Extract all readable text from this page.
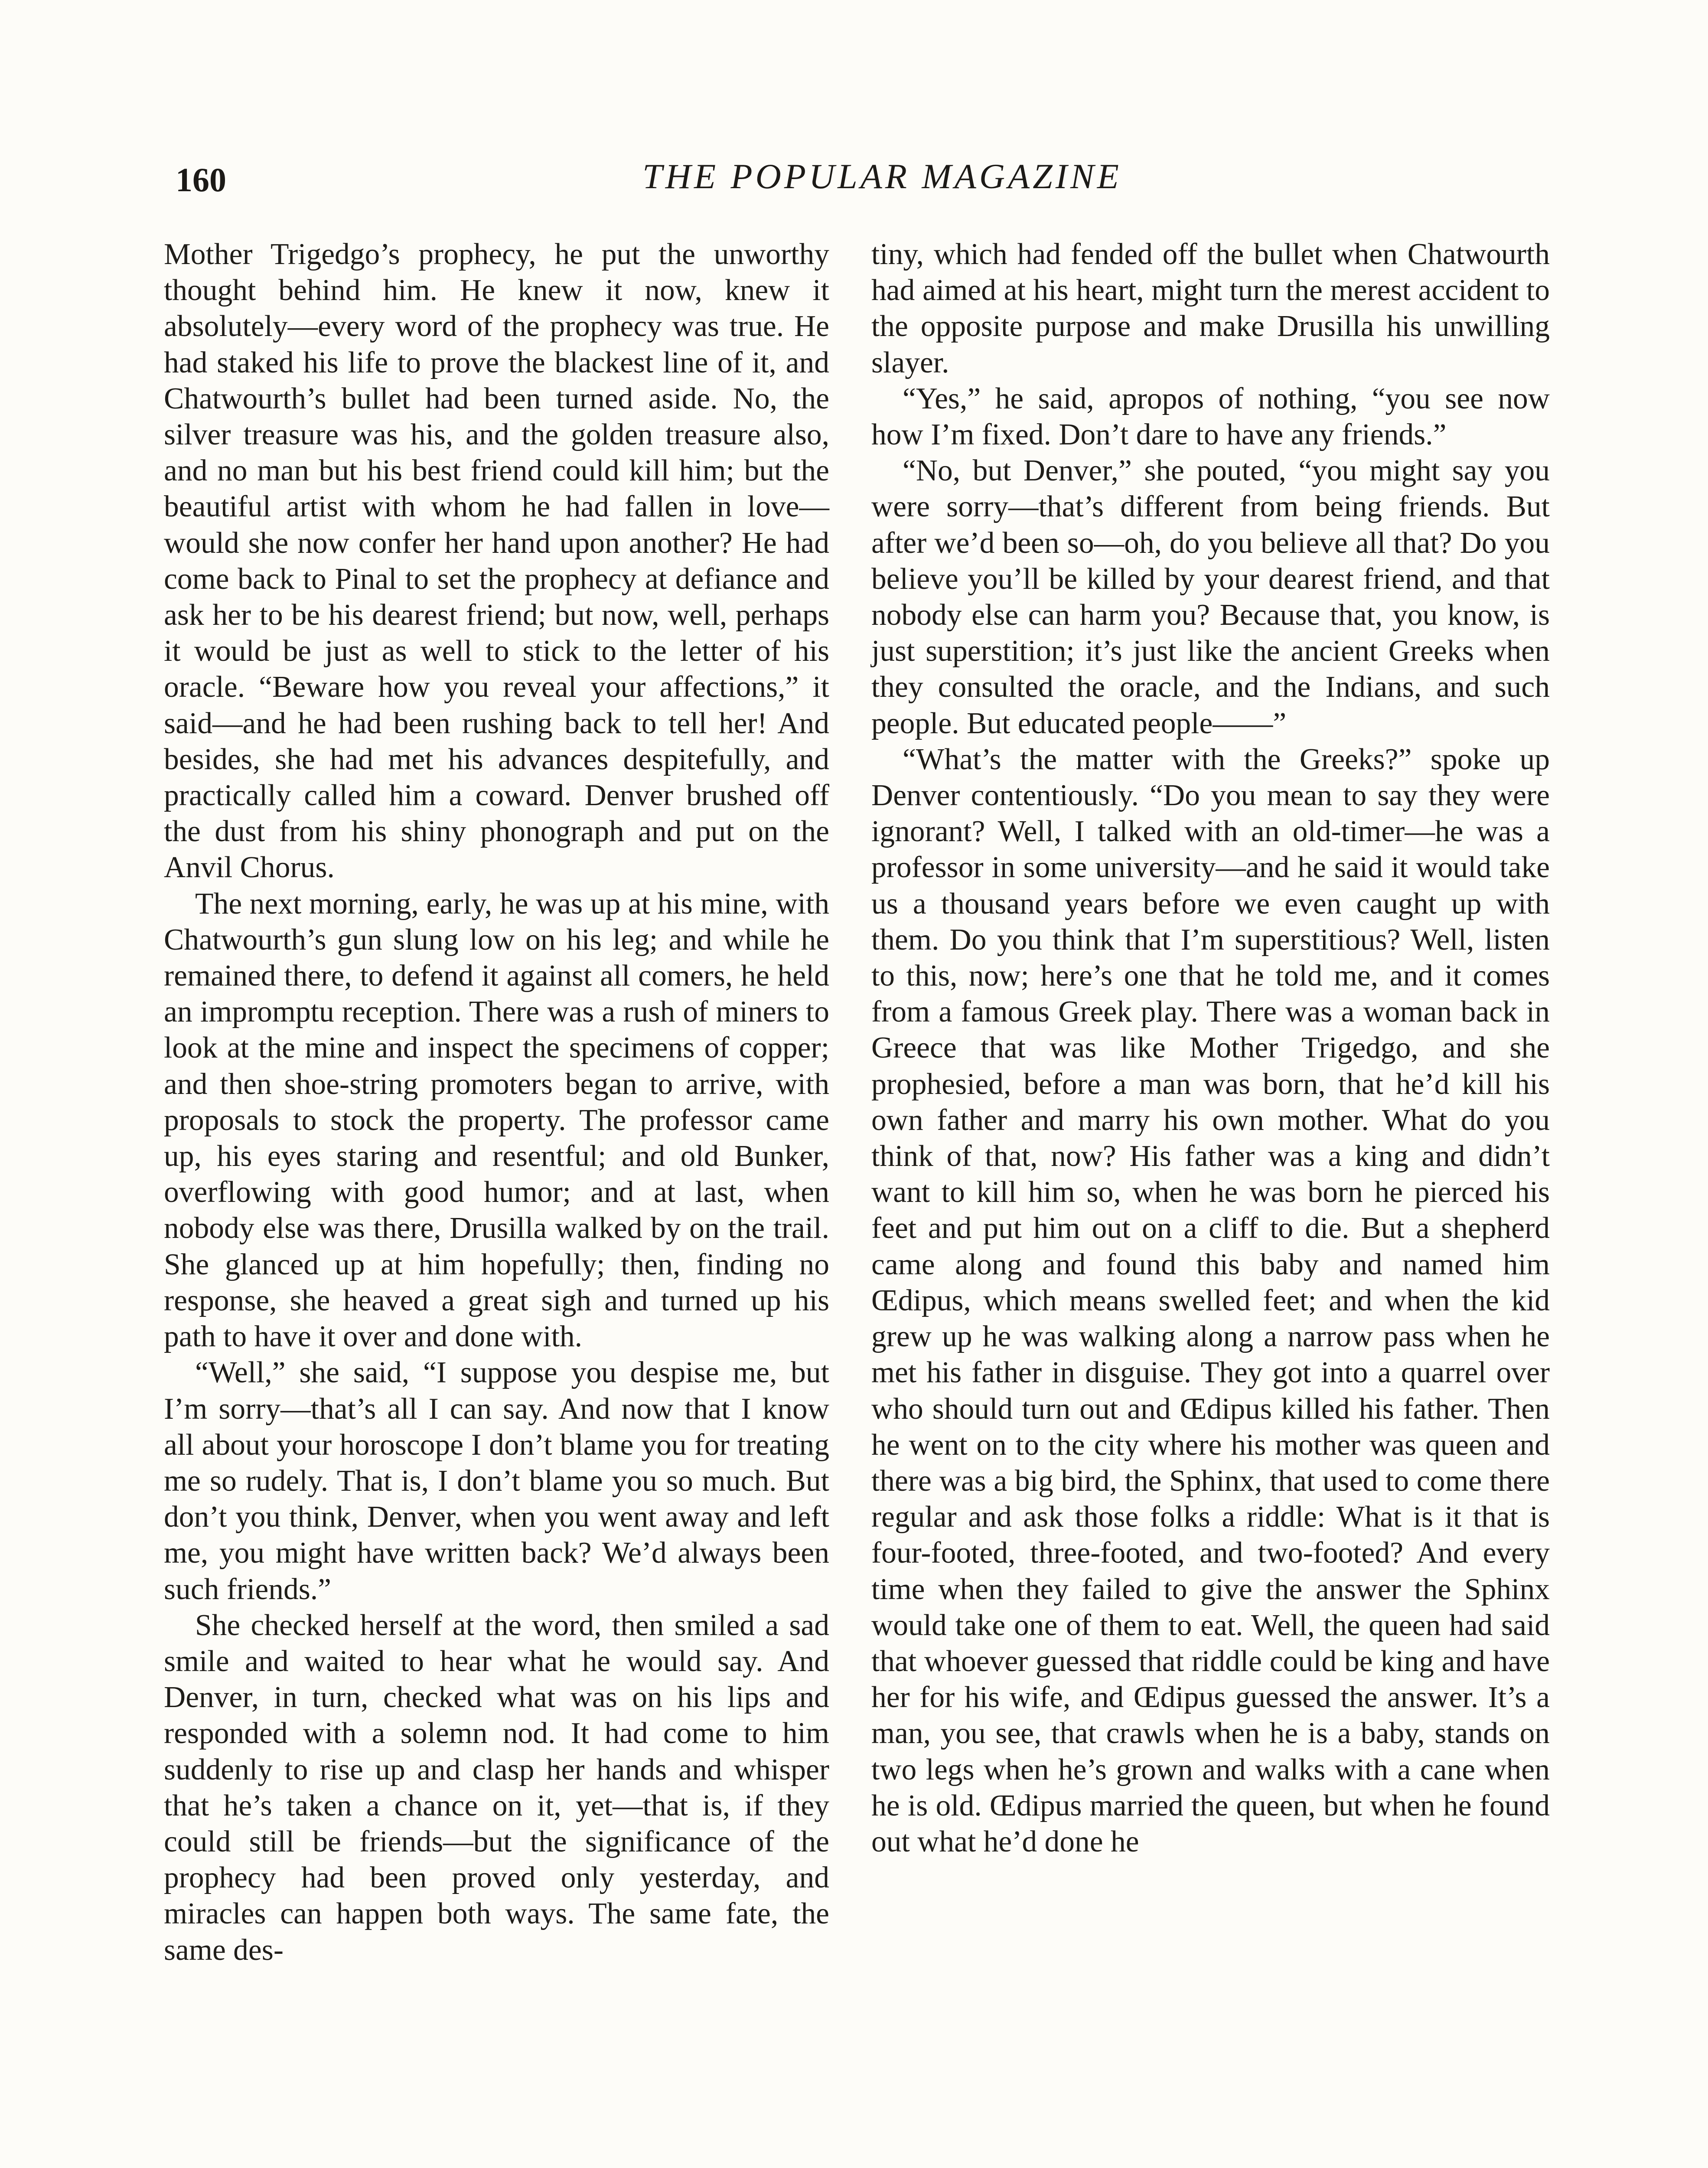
160	THE POPULAR MAGAZINE

Mother Trigedgo’s prophecy, he put the unworthy thought behind him. He knew it now, knew it absolutely—every word of the prophecy was true. He had staked his life to prove the blackest line of it, and Chatwourth’s bullet had been turned aside. No, the silver treasure was his, and the golden treasure also, and no man but his best friend could kill him; but the beautiful artist with whom he had fallen in love—would she now confer her hand upon another? He had come back to Pinal to set the prophecy at defiance and ask her to be his dearest friend; but now, well, perhaps it would be just as well to stick to the letter of his oracle. “Beware how you reveal your affections,” it said—and he had been rushing back to tell her! And besides, she had met his advances despitefully, and practically called him a coward. Denver brushed off the dust from his shiny phonograph and put on the Anvil Chorus.

The next morning, early, he was up at his mine, with Chatwourth’s gun slung low on his leg; and while he remained there, to defend it against all comers, he held an impromptu reception. There was a rush of miners to look at the mine and inspect the specimens of copper; and then shoe-string promoters began to arrive, with proposals to stock the property. The professor came up, his eyes staring and resentful; and old Bunker, overflowing with good humor; and at last, when nobody else was there, Drusilla walked by on the trail. She glanced up at him hopefully; then, finding no response, she heaved a great sigh and turned up his path to have it over and done with.

“Well,” she said, “I suppose you despise me, but I’m sorry—that’s all I can say. And now that I know all about your horoscope I don’t blame you for treating me so rudely. That is, I don’t blame you so much. But don’t you think, Denver, when you went away and left me, you might have written back? We’d always been such friends.”

She checked herself at the word, then smiled a sad smile and waited to hear what he would say. And Denver, in turn, checked what was on his lips and responded with a solemn nod. It had come to him suddenly to rise up and clasp her hands and whisper that he’s taken a chance on it, yet—that is, if they could still be friends—but the significance of the prophecy had been proved only yesterday, and miracles can happen both ways. The same fate, the same des-

tiny, which had fended off the bullet when Chatwourth had aimed at his heart, might turn the merest accident to the opposite purpose and make Drusilla his unwilling slayer.

“Yes,” he said, apropos of nothing, “you see now how I’m fixed. Don’t dare to have any friends.”

“No, but Denver,” she pouted, “you might say you were sorry—that’s different from being friends. But after we’d been so—oh, do you believe all that? Do you believe you’ll be killed by your dearest friend, and that nobody else can harm you? Because that, you know, is just superstition; it’s just like the ancient Greeks when they consulted the oracle, and the Indians, and such people. But educated people——”

“What’s the matter with the Greeks?” spoke up Denver contentiously. “Do you mean to say they were ignorant? Well, I talked with an old-timer—he was a professor in some university—and he said it would take us a thousand years before we even caught up with them. Do you think that I’m superstitious? Well, listen to this, now; here’s one that he told me, and it comes from a famous Greek play. There was a woman back in Greece that was like Mother Trigedgo, and she prophesied, before a man was born, that he’d kill his own father and marry his own mother. What do you think of that, now? His father was a king and didn’t want to kill him so, when he was born he pierced his feet and put him out on a cliff to die. But a shepherd came along and found this baby and named him Œdipus, which means swelled feet; and when the kid grew up he was walking along a narrow pass when he met his father in disguise. They got into a quarrel over who should turn out and Œdipus killed his father. Then he went on to the city where his mother was queen and there was a big bird, the Sphinx, that used to come there regular and ask those folks a riddle: What is it that is four-footed, three-footed, and two-footed? And every time when they failed to give the answer the Sphinx would take one of them to eat. Well, the queen had said that whoever guessed that riddle could be king and have her for his wife, and Œdipus guessed the answer. It’s a man, you see, that crawls when he is a baby, stands on two legs when he’s grown and walks with a cane when he is old. Œdipus married the queen, but when he found out what he’d done he
